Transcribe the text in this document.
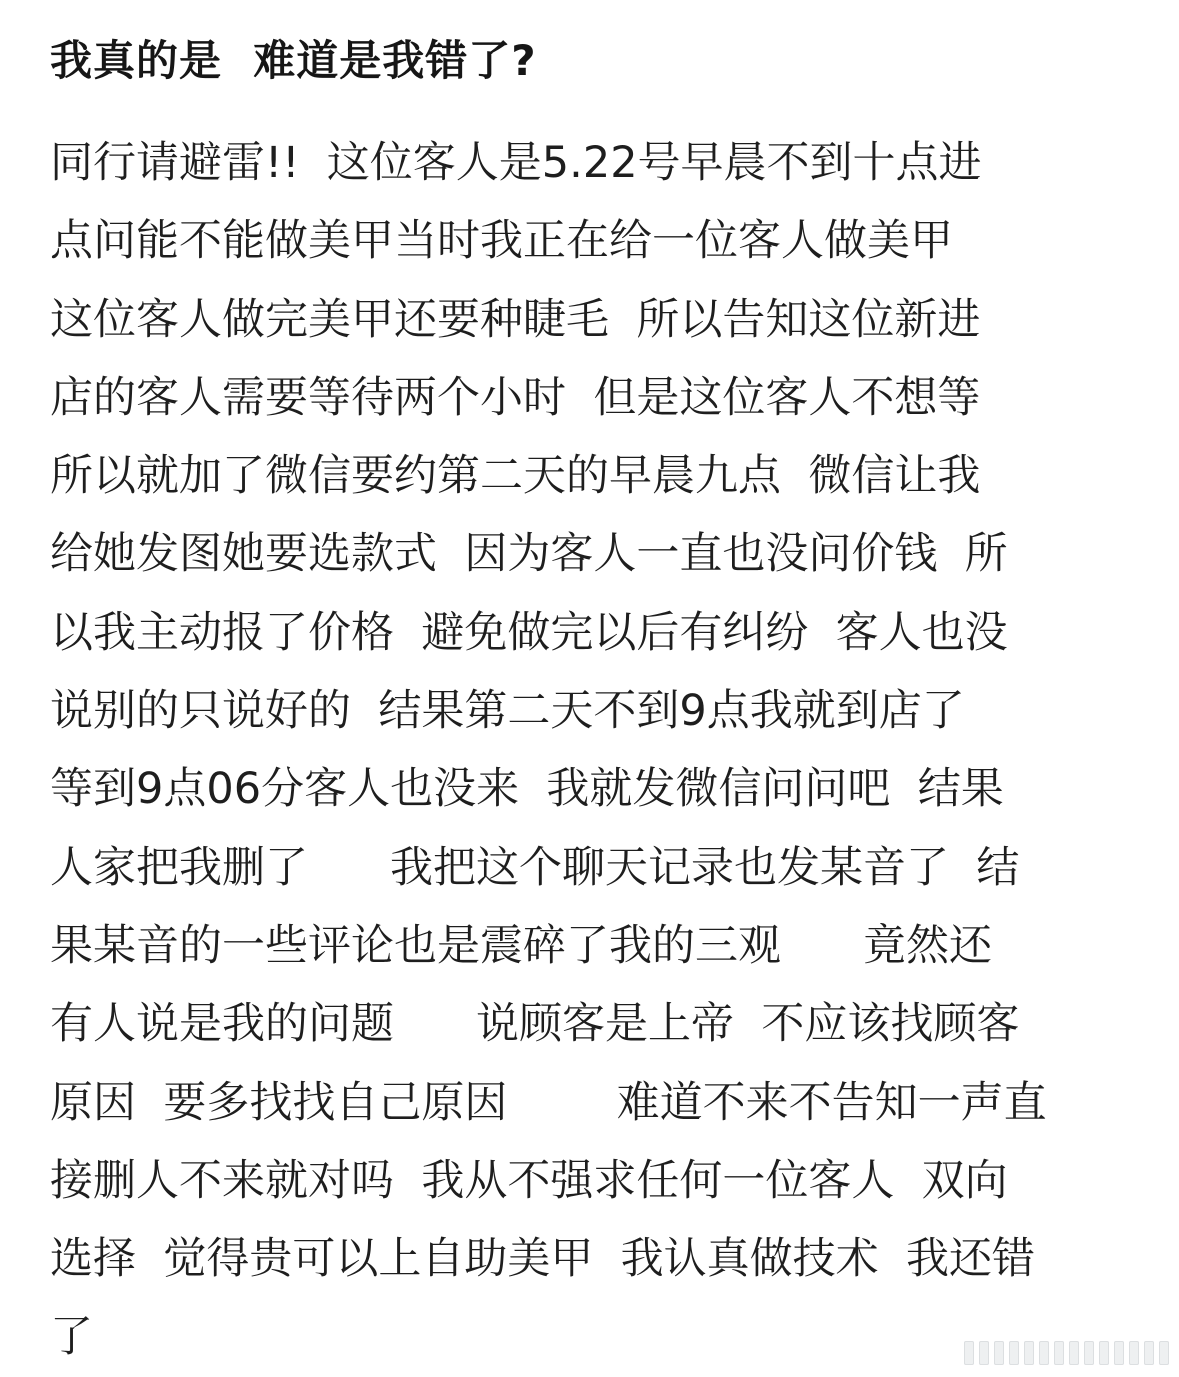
我真的是  难道是我错了?
同行请避雷!!  这位客人是5.22号早晨不到十点进
点问能不能做美甲当时我正在给一位客人做美甲
这位客人做完美甲还要种睫毛  所以告知这位新进
店的客人需要等待两个小时  但是这位客人不想等
所以就加了微信要约第二天的早晨九点  微信让我
给她发图她要选款式  因为客人一直也没问价钱  所
以我主动报了价格  避免做完以后有纠纷  客人也没
说别的只说好的  结果第二天不到9点我就到店了
等到9点06分客人也没来  我就发微信问问吧  结果
人家把我删了      我把这个聊天记录也发某音了  结
果某音的一些评论也是震碎了我的三观      竟然还
有人说是我的问题      说顾客是上帝  不应该找顾客
原因  要多找找自己原因        难道不来不告知一声直
接删人不来就对吗  我从不强求任何一位客人  双向
选择  觉得贵可以上自助美甲  我认真做技术  我还错
了
